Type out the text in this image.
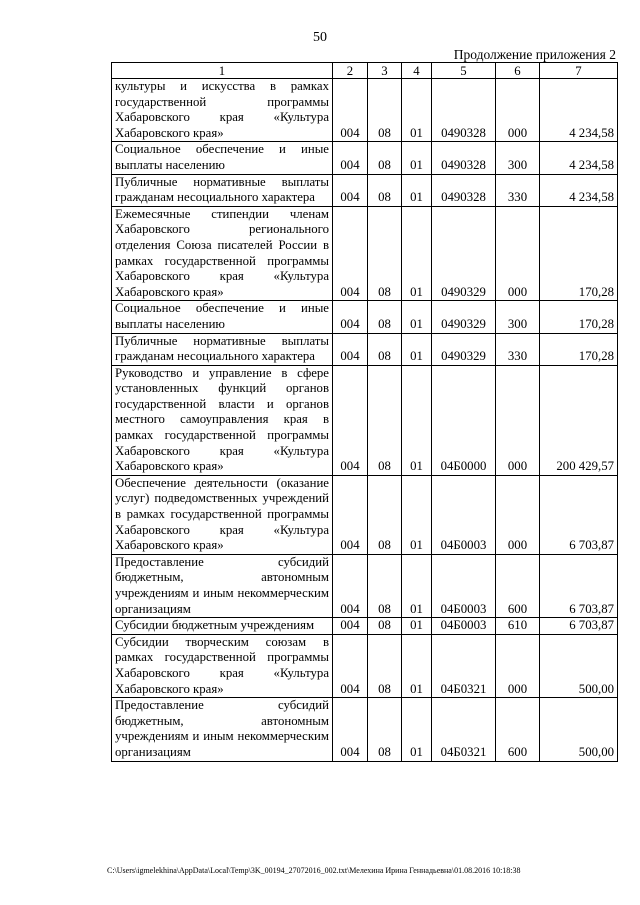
50
Продолжение приложения 2
1	2	3	4	5	6	7
культуры и искусства в рамках государственной программы Хабаровского края «Культура Хабаровского края»	004	08	01	0490328	000	4 234,58
Социальное обеспечение и иные выплаты населению	004	08	01	0490328	300	4 234,58
Публичные нормативные выплаты гражданам несоциального характера	004	08	01	0490328	330	4 234,58
Ежемесячные стипендии членам Хабаровского регионального отделения Союза писателей России в рамках государственной программы Хабаровского края «Культура Хабаровского края»	004	08	01	0490329	000	170,28
Социальное обеспечение и иные выплаты населению	004	08	01	0490329	300	170,28
Публичные нормативные выплаты гражданам несоциального характера	004	08	01	0490329	330	170,28
Руководство и управление в сфере установленных функций органов государственной власти и органов местного самоуправления края в рамках государственной программы Хабаровского края «Культура Хабаровского края»	004	08	01	04Б0000	000	200 429,57
Обеспечение деятельности (оказание услуг) подведомственных учреждений в рамках государственной программы Хабаровского края «Культура Хабаровского края»	004	08	01	04Б0003	000	6 703,87
Предоставление субсидий бюджетным, автономным учреждениям и иным некоммерческим организациям	004	08	01	04Б0003	600	6 703,87
Субсидии бюджетным учреждениям	004	08	01	04Б0003	610	6 703,87
Субсидии творческим союзам в рамках государственной программы Хабаровского края «Культура Хабаровского края»	004	08	01	04Б0321	000	500,00
Предоставление субсидий бюджетным, автономным учреждениям и иным некоммерческим организациям	004	08	01	04Б0321	600	500,00
C:\Users\igmelekhina\AppData\Local\Temp\3K_00194_27072016_002.txt\Мелехина Ирина Геннадьевна\01.08.2016 10:18:38
